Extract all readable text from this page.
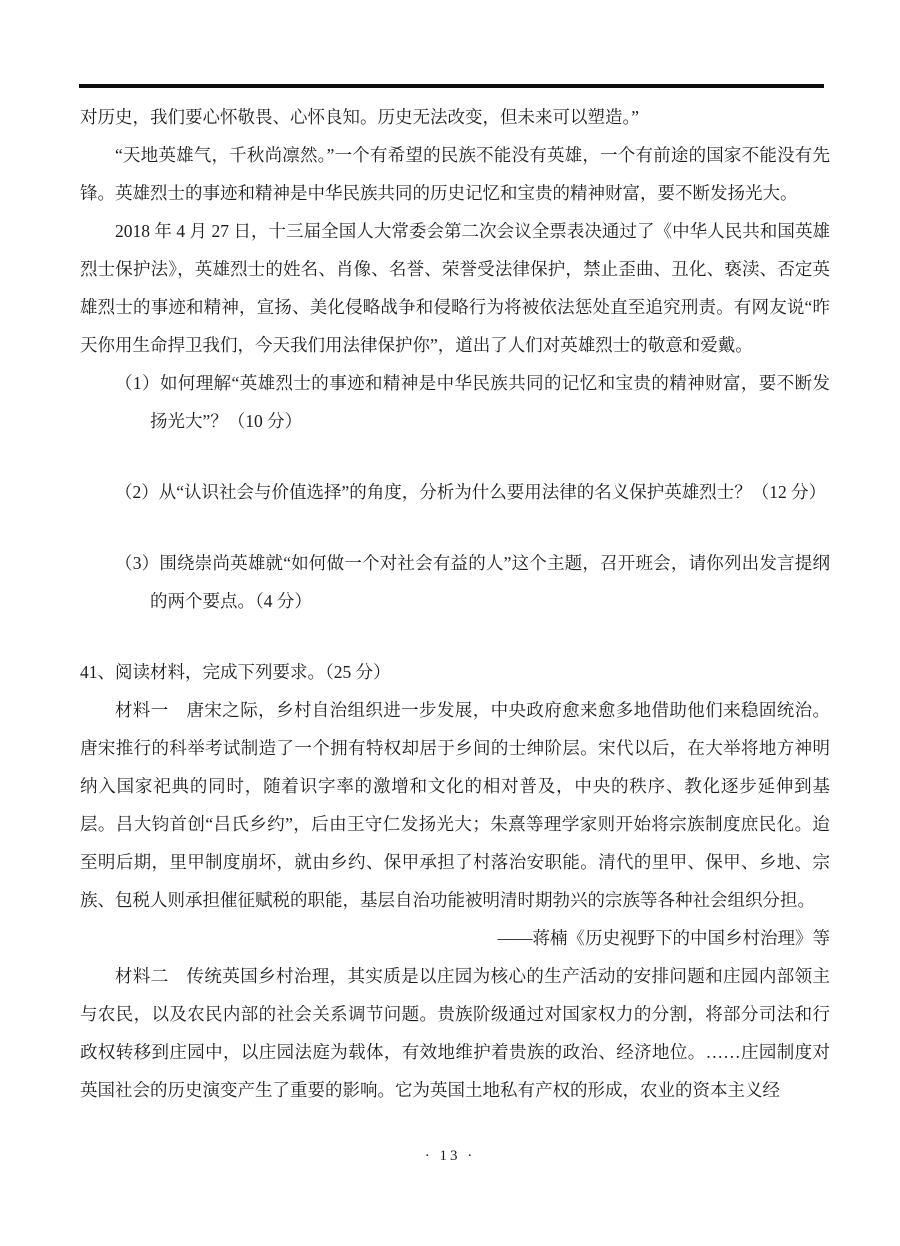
对历史，我们要心怀敬畏、心怀良知。历史无法改变，但未来可以塑造。”

“天地英雄气，千秋尚凛然。”一个有希望的民族不能没有英雄，一个有前途的国家不能没有先锋。英雄烈士的事迹和精神是中华民族共同的历史记忆和宝贵的精神财富，要不断发扬光大。

2018 年 4 月 27 日，十三届全国人大常委会第二次会议全票表决通过了《中华人民共和国英雄烈士保护法》，英雄烈士的姓名、肖像、名誉、荣誉受法律保护，禁止歪曲、丑化、亵渎、否定英雄烈士的事迹和精神，宣扬、美化侵略战争和侵略行为将被依法惩处直至追究刑责。有网友说“昨天你用生命捍卫我们，今天我们用法律保护你”，道出了人们对英雄烈士的敬意和爱戴。

（1）如何理解“英雄烈士的事迹和精神是中华民族共同的记忆和宝贵的精神财富，要不断发扬光大”？（10 分）

（2）从“认识社会与价值选择”的角度，分析为什么要用法律的名义保护英雄烈士？（12 分）

（3）围绕崇尚英雄就“如何做一个对社会有益的人”这个主题，召开班会，请你列出发言提纲的两个要点。（4 分）

41、阅读材料，完成下列要求。（25 分）

材料一　唐宋之际，乡村自治组织进一步发展，中央政府愈来愈多地借助他们来稳固统治。唐宋推行的科举考试制造了一个拥有特权却居于乡间的士绅阶层。宋代以后，在大举将地方神明纳入国家祀典的同时，随着识字率的激增和文化的相对普及，中央的秩序、教化逐步延伸到基层。吕大钧首创“吕氏乡约”，后由王守仁发扬光大；朱熹等理学家则开始将宗族制度庶民化。迨至明后期，里甲制度崩坏，就由乡约、保甲承担了村落治安职能。清代的里甲、保甲、乡地、宗族、包税人则承担催征赋税的职能，基层自治功能被明清时期勃兴的宗族等各种社会组织分担。

——蒋楠《历史视野下的中国乡村治理》等

材料二　传统英国乡村治理，其实质是以庄园为核心的生产活动的安排问题和庄园内部领主与农民，以及农民内部的社会关系调节问题。贵族阶级通过对国家权力的分割，将部分司法和行政权转移到庄园中，以庄园法庭为载体，有效地维护着贵族的政治、经济地位。……庄园制度对英国社会的历史演变产生了重要的影响。它为英国土地私有产权的形成，农业的资本主义经

· 13 ·
